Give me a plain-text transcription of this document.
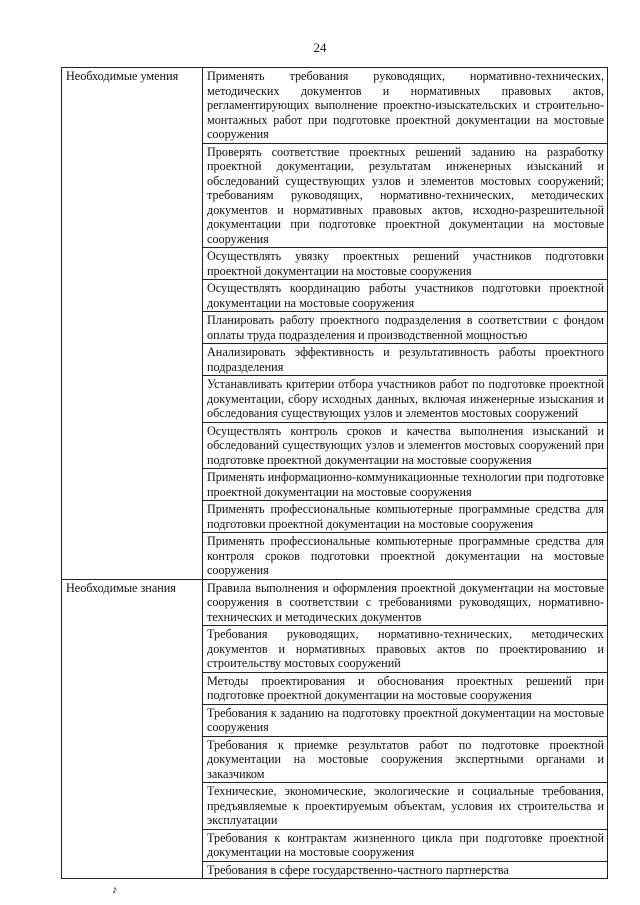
24
Необходимые умения	Применять требования руководящих, нормативно-технических, методических документов и нормативных правовых актов, регламентирующих выполнение проектно-изыскательских и строительно-монтажных работ при подготовке проектной документации на мостовые сооружения
	Проверять соответствие проектных решений заданию на разработку проектной документации, результатам инженерных изысканий и обследований существующих узлов и элементов мостовых сооружений; требованиям руководящих, нормативно-технических, методических документов и нормативных правовых актов, исходно-разрешительной документации при подготовке проектной документации на мостовые сооружения
	Осуществлять увязку проектных решений участников подготовки проектной документации на мостовые сооружения
	Осуществлять координацию работы участников подготовки проектной документации на мостовые сооружения
	Планировать работу проектного подразделения в соответствии с фондом оплаты труда подразделения и производственной мощностью
	Анализировать эффективность и результативность работы проектного подразделения
	Устанавливать критерии отбора участников работ по подготовке проектной документации, сбору исходных данных, включая инженерные изыскания и обследования существующих узлов и элементов мостовых сооружений
	Осуществлять контроль сроков и качества выполнения изысканий и обследований существующих узлов и элементов мостовых сооружений при подготовке проектной документации на мостовые сооружения
	Применять информационно-коммуникационные технологии при подготовке проектной документации на мостовые сооружения
	Применять профессиональные компьютерные программные средства для подготовки проектной документации на мостовые сооружения
	Применять профессиональные компьютерные программные средства для контроля сроков подготовки проектной документации на мостовые сооружения
Необходимые знания	Правила выполнения и оформления проектной документации на мостовые сооружения в соответствии с требованиями руководящих, нормативно-технических и методических документов
	Требования руководящих, нормативно-технических, методических документов и нормативных правовых актов по проектированию и строительству мостовых сооружений
	Методы проектирования и обоснования проектных решений при подготовке проектной документации на мостовые сооружения
	Требования к заданию на подготовку проектной документации на мостовые сооружения
	Требования к приемке результатов работ по подготовке проектной документации на мостовые сооружения экспертными органами и заказчиком
	Технические, экономические, экологические и социальные требования, предъявляемые к проектируемым объектам, условия их строительства и эксплуатации
	Требования к контрактам жизненного цикла при подготовке проектной документации на мостовые сооружения
	Требования в сфере государственно-частного партнерства
♪
